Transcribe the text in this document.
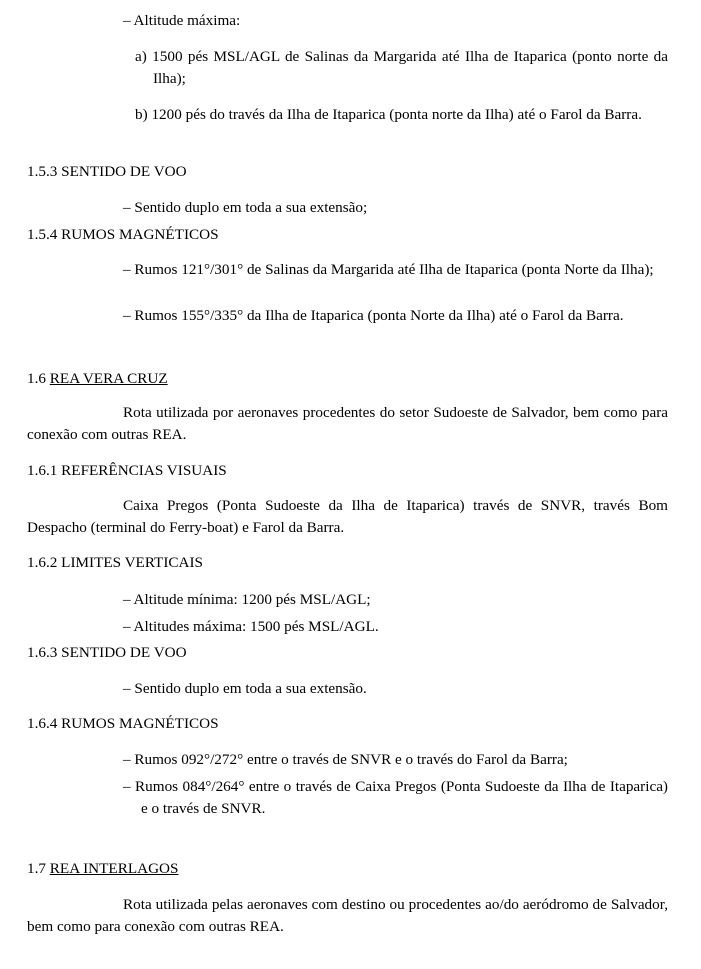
– Altitude máxima:
a) 1500 pés MSL/AGL de Salinas da Margarida até Ilha de Itaparica (ponto norte da Ilha);
b) 1200 pés do través da Ilha de Itaparica (ponta norte da Ilha) até o Farol da Barra.
1.5.3 SENTIDO DE VOO
– Sentido duplo em toda a sua extensão;
1.5.4 RUMOS MAGNÉTICOS
– Rumos 121°/301° de Salinas da Margarida até Ilha de Itaparica (ponta Norte da Ilha);
– Rumos 155°/335° da Ilha de Itaparica (ponta Norte da Ilha) até o Farol da Barra.
1.6 REA VERA CRUZ
Rota utilizada por aeronaves procedentes do setor Sudoeste de Salvador, bem como para conexão com outras REA.
1.6.1 REFERÊNCIAS VISUAIS
Caixa Pregos (Ponta Sudoeste da Ilha de Itaparica) través de SNVR, través Bom Despacho (terminal do Ferry-boat) e Farol da Barra.
1.6.2 LIMITES VERTICAIS
– Altitude mínima: 1200 pés MSL/AGL;
– Altitudes máxima: 1500 pés MSL/AGL.
1.6.3 SENTIDO DE VOO
– Sentido duplo em toda a sua extensão.
1.6.4 RUMOS MAGNÉTICOS
– Rumos 092°/272° entre o través de SNVR e o través do Farol da Barra;
– Rumos 084°/264° entre o través de Caixa Pregos (Ponta Sudoeste da Ilha de Itaparica) e o través de SNVR.
1.7 REA INTERLAGOS
Rota utilizada pelas aeronaves com destino ou procedentes ao/do aeródromo de Salvador, bem como para conexão com outras REA.
